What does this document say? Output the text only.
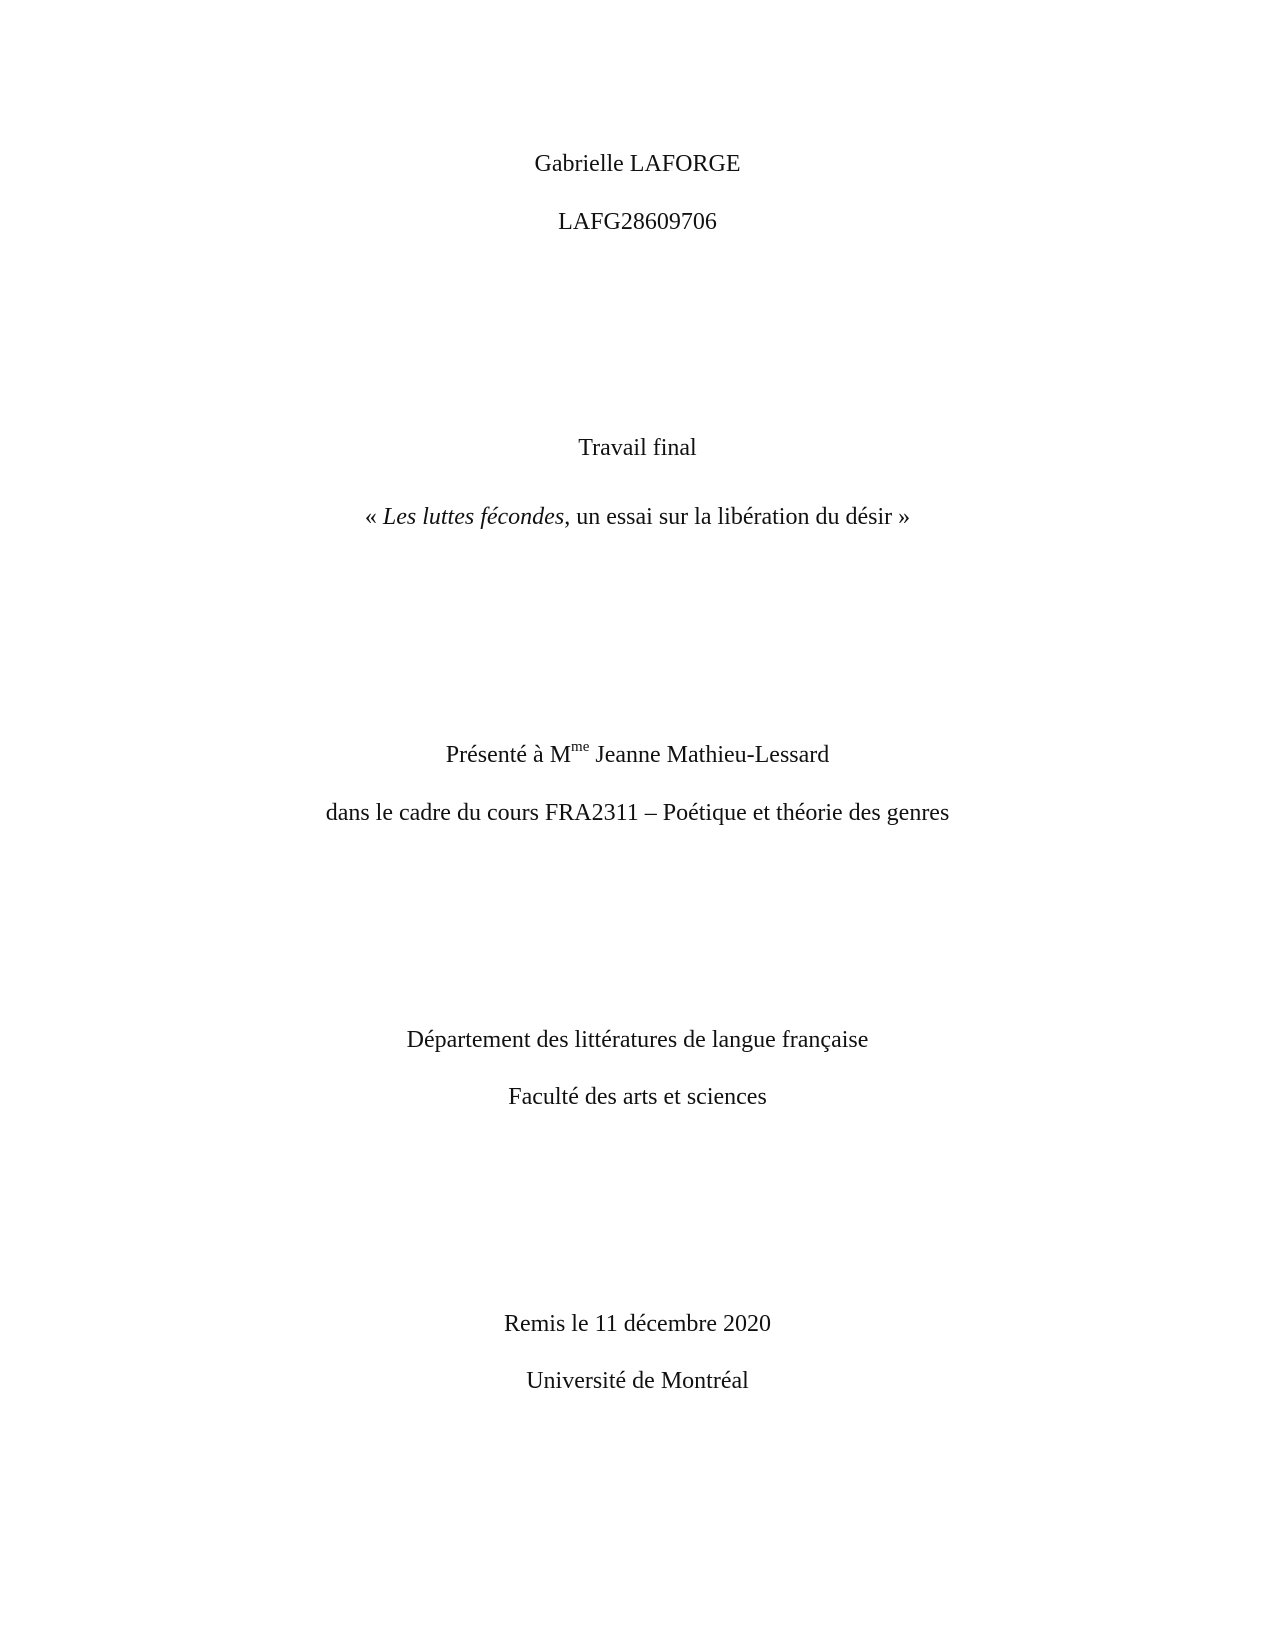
Gabrielle LAFORGE
LAFG28609706
Travail final
« Les luttes fécondes, un essai sur la libération du désir »
Présenté à $M^{me}$ Jeanne Mathieu-Lessard
dans le cadre du cours FRA2311 – Poétique et théorie des genres
Département des littératures de langue française
Faculté des arts et sciences
Remis le 11 décembre 2020
Université de Montréal
